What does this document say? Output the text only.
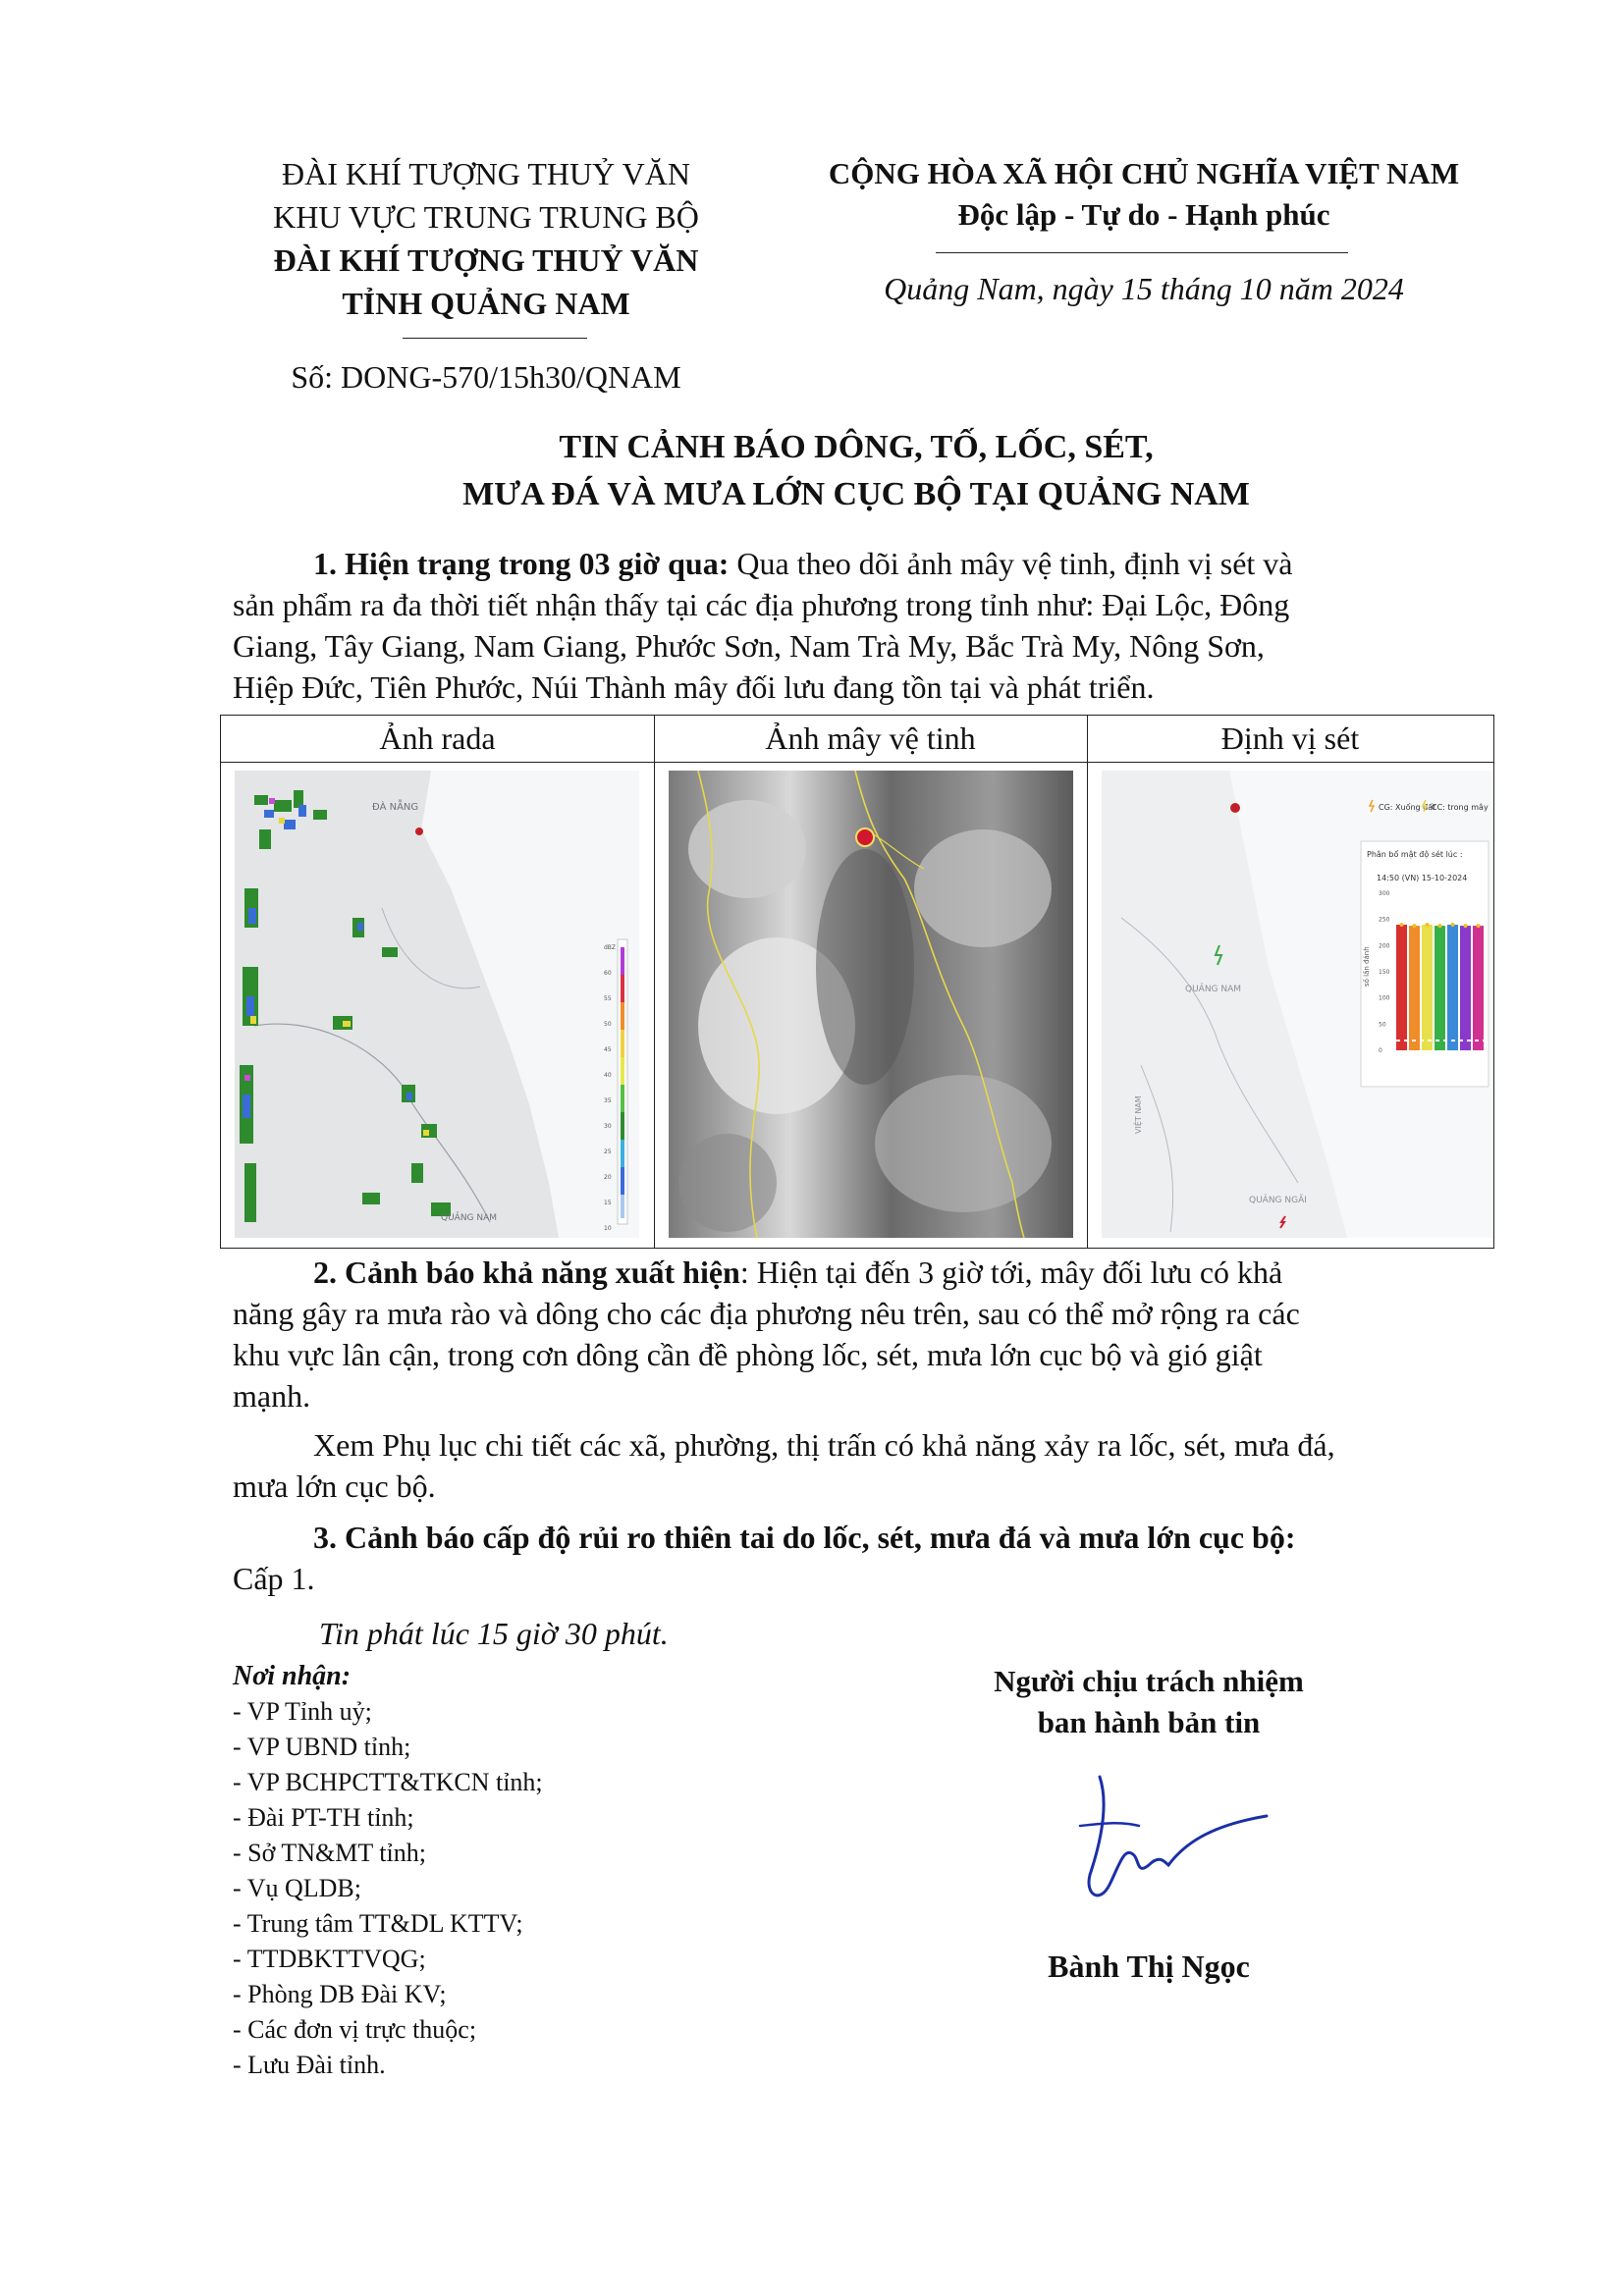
ĐÀI KHÍ TƯỢNG THUỶ VĂN
KHU VỰC TRUNG TRUNG BỘ
ĐÀI KHÍ TƯỢNG THUỶ VĂN
TỈNH QUẢNG NAM
Số: DONG-570/15h30/QNAM
CỘNG HÒA XÃ HỘI CHỦ NGHĨA VIỆT NAM
Độc lập - Tự do - Hạnh phúc
Quảng Nam, ngày 15 tháng 10 năm 2024
TIN CẢNH BÁO DÔNG, TỐ, LỐC, SÉT,
MƯA ĐÁ VÀ MƯA LỚN CỤC BỘ TẠI QUẢNG NAM
1. Hiện trạng trong 03 giờ qua: Qua theo dõi ảnh mây vệ tinh, định vị sét và
sản phẩm ra đa thời tiết nhận thấy tại các địa phương trong tỉnh như: Đại Lộc, Đông
Giang, Tây Giang, Nam Giang, Phước Sơn, Nam Trà My, Bắc Trà My, Nông Sơn,
Hiệp Đức, Tiên Phước, Núi Thành mây đối lưu đang tồn tại và phát triển.
Ảnh rada	Ảnh mây vệ tinh	Định vị sét
ĐÀ NẴNG
QUẢNG NAM
dBZ
60
55
50
45
40
35
30
25
20
15
10
QUẢNG NAM
QUẢNG NGÃI
VIỆT NAM
CG: Xuống đất
CC: trong mây
Phân bố mật độ sét lúc :
14:50 (VN) 15-10-2024
số lần đánh
300
250
200
150
100
50
0
2. Cảnh báo khả năng xuất hiện: Hiện tại đến 3 giờ tới, mây đối lưu có khả
năng gây ra mưa rào và dông cho các địa phương nêu trên, sau có thể mở rộng ra các
khu vực lân cận, trong cơn dông cần đề phòng lốc, sét, mưa lớn cục bộ và gió giật
mạnh.
Xem Phụ lục chi tiết các xã, phường, thị trấn có khả năng xảy ra lốc, sét, mưa đá,
mưa lớn cục bộ.
3. Cảnh báo cấp độ rủi ro thiên tai do lốc, sét, mưa đá và mưa lớn cục bộ:
Cấp 1.
Tin phát lúc 15 giờ 30 phút.
Nơi nhận:
- VP Tỉnh uỷ;
- VP UBND tỉnh;
- VP BCHPCTT&TKCN tỉnh;
- Đài PT-TH tỉnh;
- Sở TN&MT tỉnh;
- Vụ QLDB;
- Trung tâm TT&DL KTTV;
- TTDBKTTVQG;
- Phòng DB Đài KV;
- Các đơn vị trực thuộc;
- Lưu Đài tỉnh.
Người chịu trách nhiệm
ban hành bản tin
Bành Thị Ngọc
